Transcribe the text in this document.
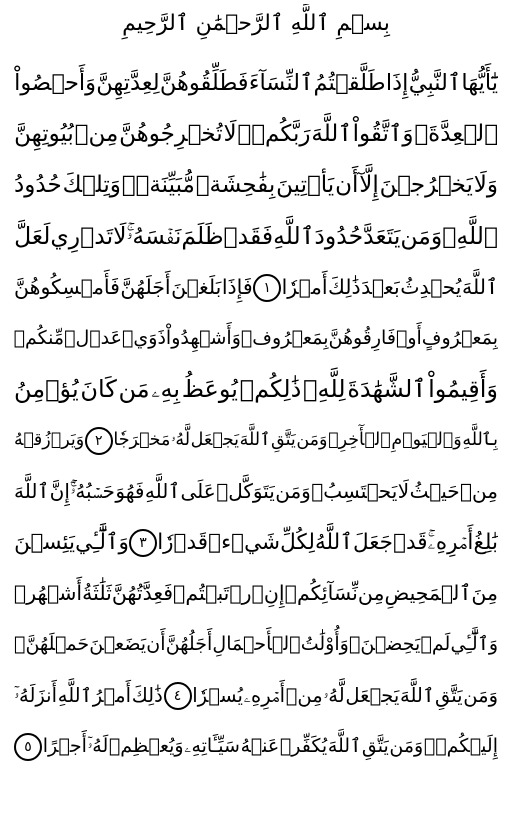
بِسۡمِ ٱللَّهِ ٱلرَّحۡمَٰنِ ٱلرَّحِيمِ
يَٰٓأَيُّهَا
ٱلنَّبِيُّ
إِذَا
طَلَّقۡتُمُ
ٱلنِّسَآءَ
فَطَلِّقُوهُنَّ
لِعِدَّتِهِنَّ
وَأَحۡصُواْ
ٱلۡعِدَّةَۖ
وَٱتَّقُواْ
ٱللَّهَ
رَبَّكُمۡۖ
لَا
تُخۡرِجُوهُنَّ
مِنۢ
بُيُوتِهِنَّ
وَلَا
يَخۡرُجۡنَ
إِلَّآ
أَن
يَأۡتِينَ
بِفَٰحِشَةٖ
مُّبَيِّنَةٖۚ
وَتِلۡكَ
حُدُودُ
ٱللَّهِۚ
وَمَن
يَتَعَدَّ
حُدُودَ
ٱللَّهِ
فَقَدۡ
ظَلَمَ
نَفۡسَهُۥۚ
لَا
تَدۡرِي
لَعَلَّ
ٱللَّهَ
يُحۡدِثُ
بَعۡدَ
ذَٰلِكَ
أَمۡرٗا
١
فَإِذَا
بَلَغۡنَ
أَجَلَهُنَّ
فَأَمۡسِكُوهُنَّ
بِمَعۡرُوفٍ
أَوۡ
فَارِقُوهُنَّ
بِمَعۡرُوفٖ
وَأَشۡهِدُواْ
ذَوَيۡ
عَدۡلٖ
مِّنكُمۡ
وَأَقِيمُواْ
ٱلشَّهَٰدَةَ
لِلَّهِۚ
ذَٰلِكُمۡ
يُوعَظُ
بِهِۦ
مَن
كَانَ
يُؤۡمِنُ
بِٱللَّهِ
وَٱلۡيَوۡمِ
ٱلۡأٓخِرِۚ
وَمَن
يَتَّقِ
ٱللَّهَ
يَجۡعَل
لَّهُۥ
مَخۡرَجٗا
٢
وَيَرۡزُقۡهُ
مِنۡ
حَيۡثُ
لَا
يَحۡتَسِبُۚ
وَمَن
يَتَوَكَّلۡ
عَلَى
ٱللَّهِ
فَهُوَ
حَسۡبُهُۥٓۚ
إِنَّ
ٱللَّهَ
بَٰلِغُ
أَمۡرِهِۦۚ
قَدۡ
جَعَلَ
ٱللَّهُ
لِكُلِّ
شَيۡءٖ
قَدۡرٗا
٣
وَٱلَّٰٓـِٔي
يَئِسۡنَ
مِنَ
ٱلۡمَحِيضِ
مِن
نِّسَآئِكُمۡ
إِنِ
ٱرۡتَبۡتُمۡ
فَعِدَّتُهُنَّ
ثَلَٰثَةُ
أَشۡهُرٖ
وَٱلَّٰٓـِٔي
لَمۡ
يَحِضۡنَۚ
وَأُوْلَٰتُ
ٱلۡأَحۡمَالِ
أَجَلُهُنَّ
أَن
يَضَعۡنَ
حَمۡلَهُنَّۚ
وَمَن
يَتَّقِ
ٱللَّهَ
يَجۡعَل
لَّهُۥ
مِنۡ
أَمۡرِهِۦ
يُسۡرٗا
٤
ذَٰلِكَ
أَمۡرُ
ٱللَّهِ
أَنزَلَهُۥٓ
إِلَيۡكُمۡۚ
وَمَن
يَتَّقِ
ٱللَّهَ
يُكَفِّرۡ
عَنۡهُ
سَيِّـَٔاتِهِۦ
وَيُعۡظِمۡ
لَهُۥٓ
أَجۡرًا
٥
